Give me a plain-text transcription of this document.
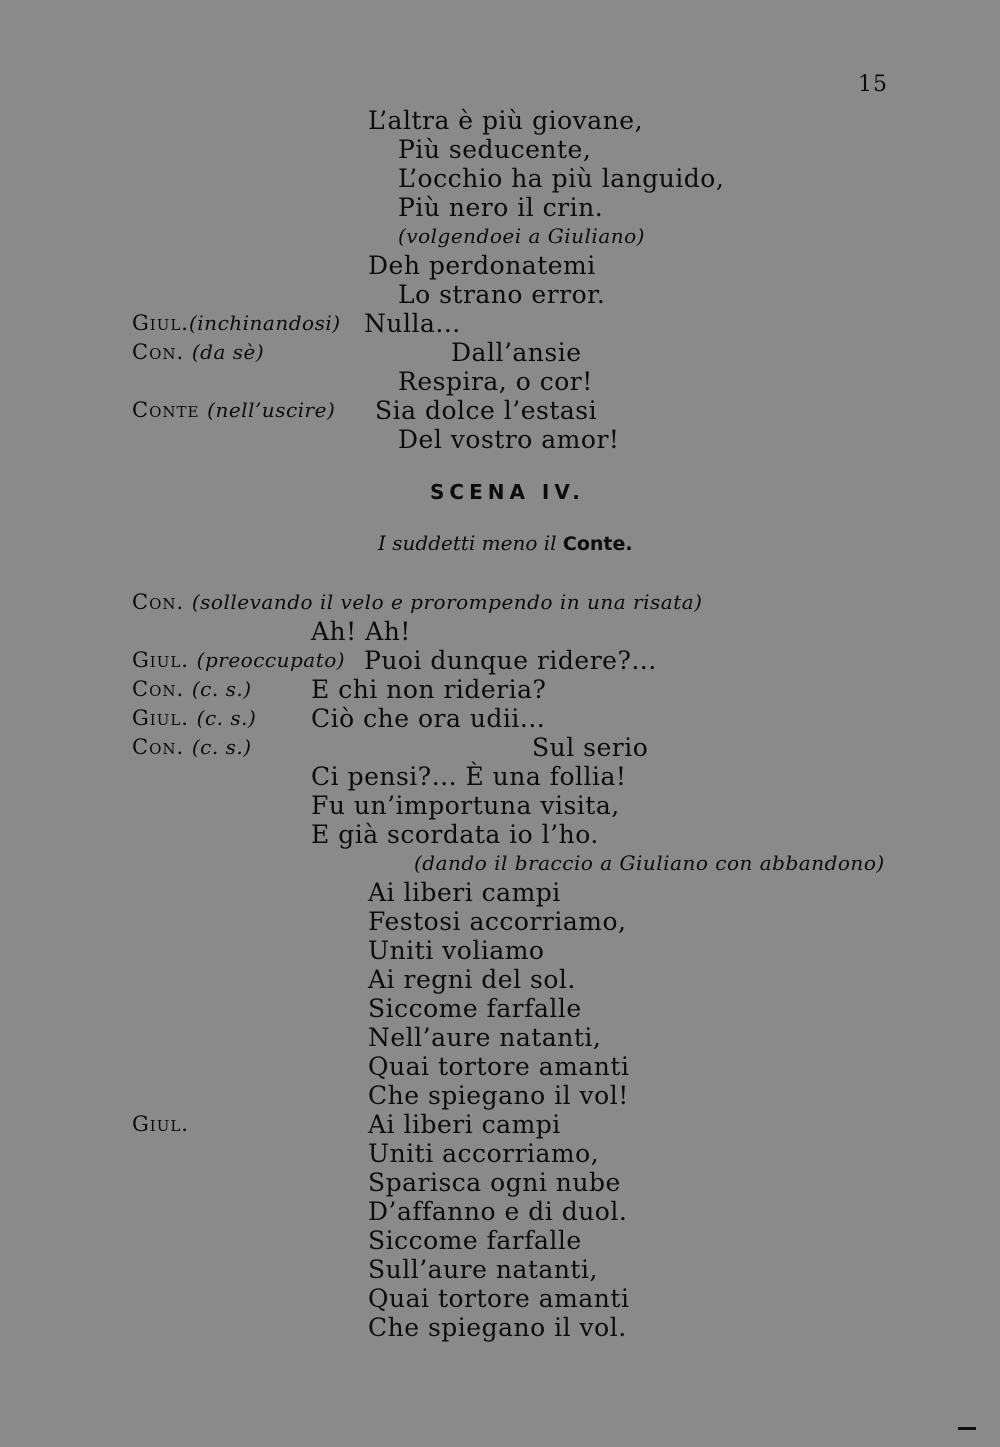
15
L’altra è più giovane,
Più seducente,
L’occhio ha più languido,
Più nero il crin.
(volgendoei a Giuliano)
Deh perdonatemi
Lo strano error.
Giul.(inchinandosi) Nulla...
Con. (da sè)	Dall’ansie
Respira, o cor!
Conte (nell’uscire) Sia dolce l’estasi
Del vostro amor!
SCENA IV.
I suddetti meno il Conte.
Con. (sollevando il velo e prorompendo in una risata)
Ah! Ah!
Giul. (preoccupato) Puoi dunque ridere?...
Con. (c. s.) E chi non rideria?
Giul. (c. s.) Ciò che ora udii...
Con. (c. s.)	Sul serio
Ci pensi?... È una follia!
Fu un’importuna visita,
E già scordata io l’ho.
(dando il braccio a Giuliano con abbandono)
Ai liberi campi
Festosi accorriamo,
Uniti voliamo
Ai regni del sol.
Siccome farfalle
Nell’aure natanti,
Quai tortore amanti
Che spiegano il vol!
Giul.	Ai liberi campi
Uniti accorriamo,
Sparisca ogni nube
D’affanno e di duol.
Siccome farfalle
Sull’aure natanti,
Quai tortore amanti
Che spiegano il vol.
